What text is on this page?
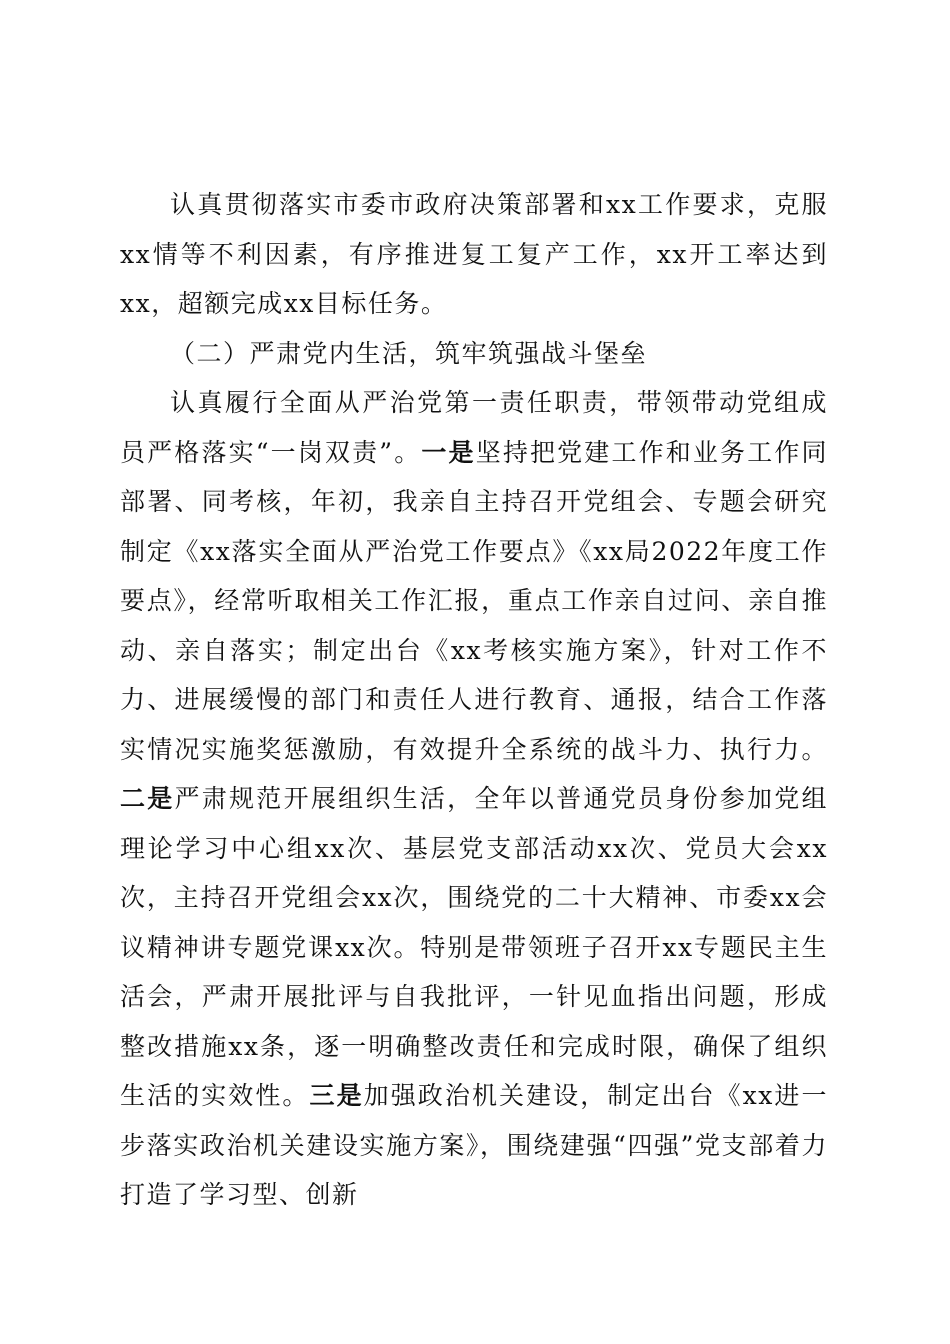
认真贯彻落实市委市政府决策部署和xx工作要求，克服xx情等不利因素，有序推进复工复产工作，xx开工率达到xx，超额完成xx目标任务。

（二）严肃党内生活，筑牢筑强战斗堡垒

认真履行全面从严治党第一责任职责，带领带动党组成员严格落实“一岗双责”。一是坚持把党建工作和业务工作同部署、同考核，年初，我亲自主持召开党组会、专题会研究制定《xx落实全面从严治党工作要点》《xx局2022年度工作要点》，经常听取相关工作汇报，重点工作亲自过问、亲自推动、亲自落实；制定出台《xx考核实施方案》，针对工作不力、进展缓慢的部门和责任人进行教育、通报，结合工作落实情况实施奖惩激励，有效提升全系统的战斗力、执行力。二是严肃规范开展组织生活，全年以普通党员身份参加党组理论学习中心组xx次、基层党支部活动xx次、党员大会xx次，主持召开党组会xx次，围绕党的二十大精神、市委xx会议精神讲专题党课xx次。特别是带领班子召开xx专题民主生活会，严肃开展批评与自我批评，一针见血指出问题，形成整改措施xx条，逐一明确整改责任和完成时限，确保了组织生活的实效性。三是加强政治机关建设，制定出台《xx进一步落实政治机关建设实施方案》，围绕建强“四强”党支部着力打造了学习型、创新
